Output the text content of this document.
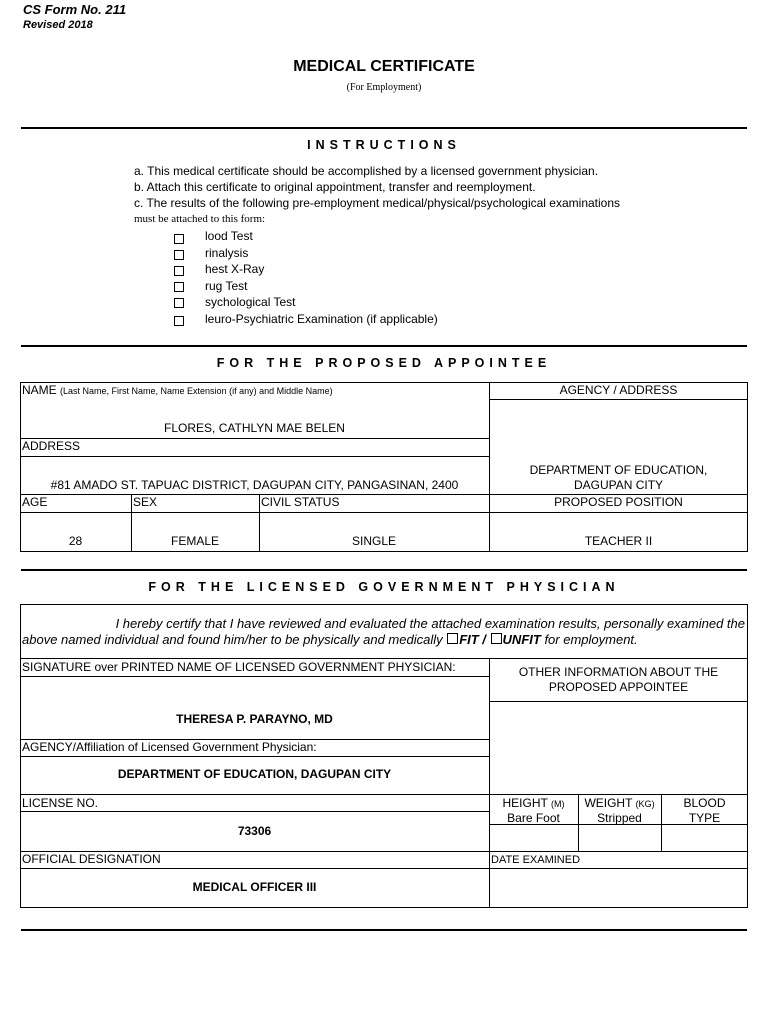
CS Form No. 211
Revised 2018
MEDICAL CERTIFICATE
(For Employment)
INSTRUCTIONS
a. This medical certificate should be accomplished by a licensed government physician.
b. Attach this certificate to original appointment, transfer and reemployment.
c. The results of the following pre-employment medical/physical/psychological examinations
must be attached to this form:
lood Test
rinalysis
hest X-Ray
rug Test
sychological Test
leuro-Psychiatric Examination (if applicable)
FOR THE PROPOSED APPOINTEE
NAME (Last Name, First Name, Name Extension (if any) and Middle Name)
FLORES, CATHLYN MAE BELEN
AGENCY / ADDRESS
DEPARTMENT OF EDUCATION,
DAGUPAN CITY
ADDRESS
#81 AMADO ST. TAPUAC DISTRICT, DAGUPAN CITY, PANGASINAN, 2400
AGE
28
SEX
FEMALE
CIVIL STATUS
SINGLE
PROPOSED POSITION
TEACHER II
FOR THE LICENSED GOVERNMENT PHYSICIAN
I hereby certify that I have reviewed and evaluated the attached examination results, personally examined the
above named individual and found him/her to be physically and medically FIT / UNFIT for employment.
SIGNATURE over PRINTED NAME OF LICENSED GOVERNMENT PHYSICIAN:
THERESA P. PARAYNO, MD
OTHER INFORMATION ABOUT THE
PROPOSED APPOINTEE
AGENCY/Affiliation of Licensed Government Physician:
DEPARTMENT OF EDUCATION, DAGUPAN CITY
LICENSE NO.
73306
HEIGHT (M)
Bare Foot
WEIGHT (KG)
Stripped
BLOOD
TYPE
OFFICIAL DESIGNATION
MEDICAL OFFICER III
DATE EXAMINED
